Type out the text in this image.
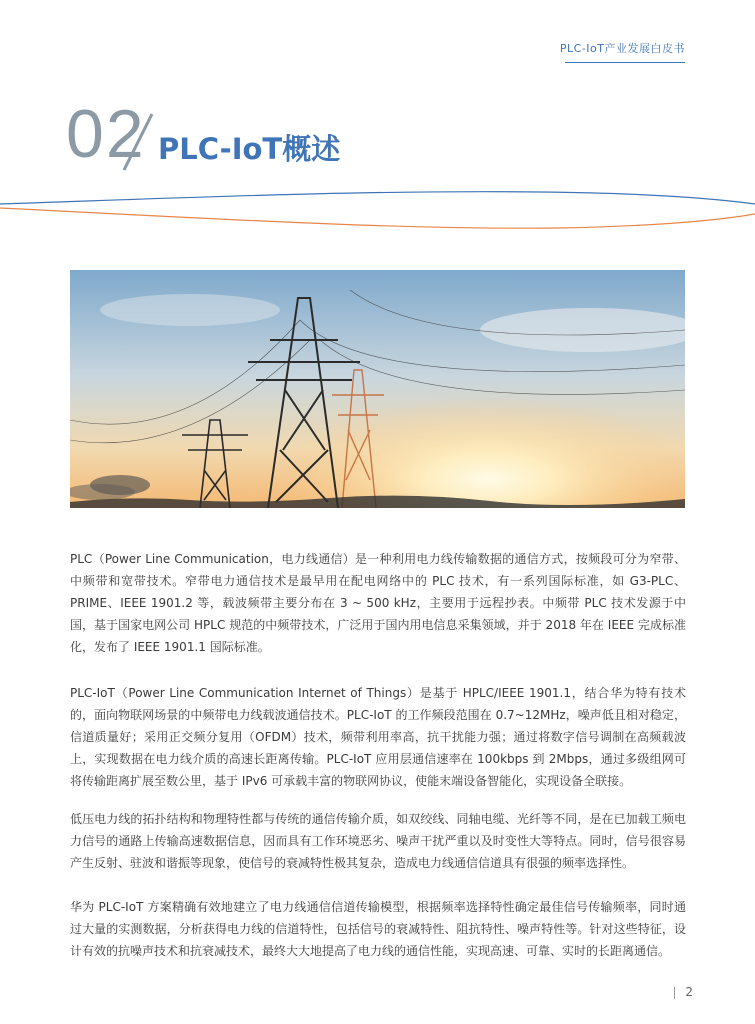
PLC-IoT产业发展白皮书
02 PLC-IoT概述

PLC（Power Line Communication，电力线通信）是一种利用电力线传输数据的通信方式，按频段可分为窄带、中频带和宽带技术。窄带电力通信技术是最早用在配电网络中的 PLC 技术，有一系列国际标准，如 G3-PLC、PRIME、IEEE 1901.2 等，载波频带主要分布在 3 ~ 500 kHz，主要用于远程抄表。中频带 PLC 技术发源于中国，基于国家电网公司 HPLC 规范的中频带技术，广泛用于国内用电信息采集领域，并于 2018 年在 IEEE 完成标准化，发布了 IEEE 1901.1 国际标准。

PLC-IoT（Power Line Communication Internet of Things）是基于 HPLC/IEEE 1901.1，结合华为特有技术的，面向物联网场景的中频带电力线载波通信技术。PLC-IoT 的工作频段范围在 0.7~12MHz，噪声低且相对稳定，信道质量好；采用正交频分复用（OFDM）技术，频带利用率高，抗干扰能力强；通过将数字信号调制在高频载波上，实现数据在电力线介质的高速长距离传输。PLC-IoT 应用层通信速率在 100kbps 到 2Mbps，通过多级组网可将传输距离扩展至数公里，基于 IPv6 可承载丰富的物联网协议，使能末端设备智能化，实现设备全联接。

低压电力线的拓扑结构和物理特性都与传统的通信传输介质，如双绞线、同轴电缆、光纤等不同，是在已加载工频电力信号的通路上传输高速数据信息，因而具有工作环境恶劣、噪声干扰严重以及时变性大等特点。同时，信号很容易产生反射、驻波和谐振等现象，使信号的衰减特性极其复杂，造成电力线通信信道具有很强的频率选择性。

华为 PLC-IoT 方案精确有效地建立了电力线通信信道传输模型，根据频率选择特性确定最佳信号传输频率，同时通过大量的实测数据，分析获得电力线的信道特性，包括信号的衰减特性、阻抗特性、噪声特性等。针对这些特征，设计有效的抗噪声技术和抗衰减技术，最终大大地提高了电力线的通信性能，实现高速、可靠、实时的长距离通信。

2
